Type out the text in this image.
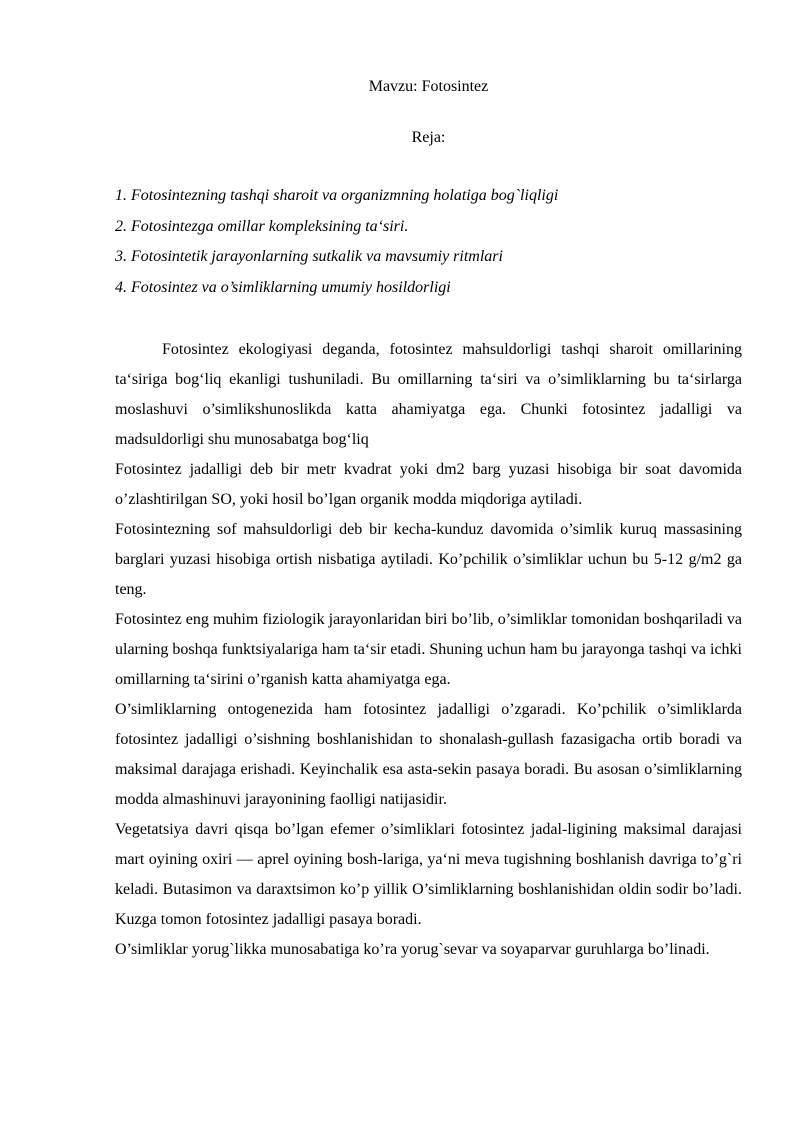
Mavzu: Fotosintez
Reja:
1. Fotosintezning tashqi sharoit va organizmning holatiga bog`liqligi
2. Fotosintezga omillar kompleksining ta‘siri.
3. Fotosintetik jarayonlarning sutkalik va mavsumiy ritmlari
4. Fotosintez va o’simliklarning umumiy hosildorligi

Fotosintez ekologiyasi deganda, fotosintez mahsuldorligi tashqi sharoit omillarining ta‘siriga bog‘liq ekanligi tushuniladi. Bu omillarning ta‘siri va o’simliklarning bu ta‘sirlarga moslashuvi o’simlikshunoslikda katta ahamiyatga ega. Chunki fotosintez jadalligi va madsuldorligi shu munosabatga bog‘liq

Fotosintez jadalligi deb bir metr kvadrat yoki dm2 barg yuzasi hisobiga bir soat davomida o’zlashtirilgan SO, yoki hosil bo’lgan organik modda miqdoriga aytiladi.

Fotosintezning sof mahsuldorligi deb bir kecha-kunduz davomida o’simlik kuruq massasining barglari yuzasi hisobiga ortish nisbatiga aytiladi. Ko’pchilik o’simliklar uchun bu 5-12 g/m2 ga teng.

Fotosintez eng muhim fiziologik jarayonlaridan biri bo’lib, o’simliklar tomonidan boshqariladi va ularning boshqa funktsiyalariga ham ta‘sir etadi. Shuning uchun ham bu jarayonga tashqi va ichki omillarning ta‘sirini o’rganish katta ahamiyatga ega.

O’simliklarning ontogenezida ham fotosintez jadalligi o’zgaradi. Ko’pchilik o’simliklarda fotosintez jadalligi o’sishning boshlanishidan to shonalash-gullash fazasigacha ortib boradi va maksimal darajaga erishadi. Keyinchalik esa asta-sekin pasaya boradi. Bu asosan o’simliklarning modda almashinuvi jarayonining faolligi natijasidir.

Vegetatsiya davri qisqa bo’lgan efemer o’simliklari fotosintez jadal-ligining maksimal darajasi mart oyining oxiri — aprel oyining bosh-lariga, ya‘ni meva tugishning boshlanish davriga to’g`ri keladi. Butasimon va daraxtsimon ko’p yillik O’simliklarning boshlanishidan oldin sodir bo’ladi. Kuzga tomon fotosintez jadalligi pasaya boradi.

O’simliklar yorug`likka munosabatiga ko’ra yorug`sevar va soyaparvar guruhlarga bo’linadi.
